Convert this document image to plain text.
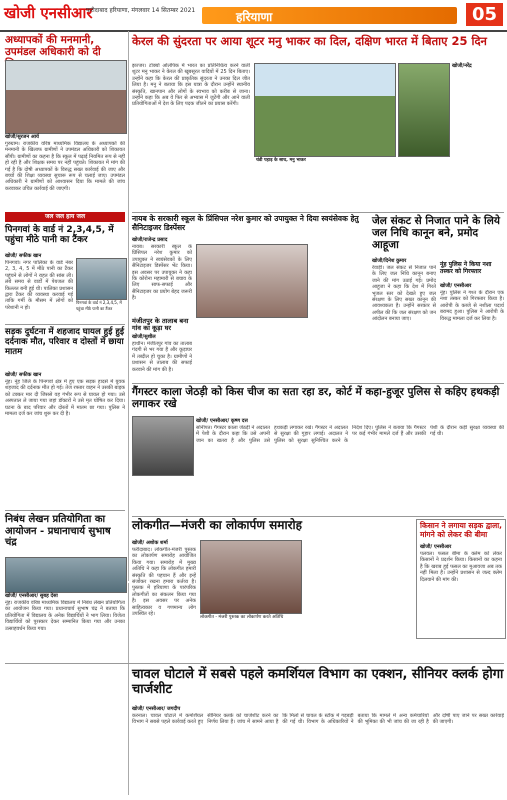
खोजी एनसीआर
फरीदाबाद हरियाणा, मंगलवार 14 सितम्बर 2021	हरियाणा	05
अध्यापकों की मनमानी, उपमंडल अधिकारी को दी
खोजी/सुरजन आर्य
गुरुग्राम। राजकीय वरिष्ठ माध्यमिक विद्यालय के अध्यापकों की मनमानी के खिलाफ ग्रामीणों ने उपमंडल अधिकारी को शिकायत सौंपी। ग्रामीणों का कहना है कि स्कूल में पढ़ाई नियमित रूप से नहीं हो रही है और शिक्षक समय पर नहीं पहुंचते। शिकायत में मांग की गई है कि दोषी अध्यापकों के विरुद्ध सख्त कार्रवाई की जाए और बच्चों की शिक्षा व्यवस्था सुचारू रूप से चलाई जाए। उपमंडल अधिकारी ने ग्रामीणों को आश्वासन दिया कि मामले की जांच करवाकर उचित कार्रवाई की जाएगी।
जल जल हाय जल
पिनगवां के वार्ड नं 2,3,4,5, में पहुंचा मीठे पानी का टैंकर
खोजी/ सफीक खान
पिनगवां। नगर पालिका के वार्ड नंबर 2, 3, 4, 5 में मीठे पानी का टैंकर पहुंचने से लोगों ने राहत की सांस ली। लंबे समय से वार्डों में पेयजल की किल्लत बनी हुई थी। पालिका प्रशासन द्वारा टैंकर की व्यवस्था करवाई गई ताकि गर्मी के मौसम में लोगों को परेशानी न हो।
पिनगवां के वार्ड नं 2,3,4,5, में पहुंचा मीठे पानी का टैंकर
सड़क दुर्घटना में शहजाद घायल हुई हुई दर्दनाक मौत, परिवार व दोस्तों में छाया मातम
खोजी/ सफीक खान
नूंह। नूंह जिले के पिनगवां क्षेत्र में हुए एक सड़क हादसे में युवक शहजाद की दर्दनाक मौत हो गई। तेज रफ्तार वाहन ने उसकी बाइक को टक्कर मार दी जिससे वह गंभीर रूप से घायल हो गया। उसे अस्पताल ले जाया गया जहां डॉक्टरों ने उसे मृत घोषित कर दिया। घटना के बाद परिवार और दोस्तों में मातम छा गया। पुलिस ने मामला दर्ज कर जांच शुरू कर दी है।
निबंध लेखन प्रतियोगिता का आयोजन - प्रधानाचार्य सुभाष चंद्र
खोजी/ एनसीआर/ सुबह देसा
नूंह। राजकीय वरिष्ठ माध्यमिक विद्यालय में निबंध लेखन प्रतियोगिता का आयोजन किया गया। प्रधानाचार्य सुभाष चंद्र ने बताया कि प्रतियोगिता में विद्यालय के अनेक विद्यार्थियों ने भाग लिया। विजेता विद्यार्थियों को पुरस्कार देकर सम्मानित किया गया और उनका उत्साहवर्धन किया गया।
केरल की सुंदरता पर आया शूटर मनु भाकर का दिल, दक्षिण भारत में बिताए 25 दिन
झज्जर। टोक्यो ओलंपिक में भारत का प्रतिनिधित्व करने वाली शूटर मनु भाकर ने केरल की खूबसूरत वादियों में 25 दिन बिताए। उन्होंने कहा कि केरल की प्राकृतिक सुंदरता ने उनका दिल जीत लिया है। मनु ने बताया कि इस यात्रा के दौरान उन्होंने स्थानीय संस्कृति, खानपान और लोगों के स्वभाव को करीब से जाना। उन्होंने कहा कि अब वे फिर से अभ्यास में जुटेंगी और आने वाली प्रतियोगिताओं में देश के लिए पदक जीतने का प्रयास करेंगी।
चंडी पहाड़ के साथ, मनु भाकर
खोजी/नरेंद्र
नायब के सरकारी स्कूल के प्रिंसिपल नरेश कुमार को उपायुक्त ने दिया स्वयंसेवक हेतु सैनिटाइजर डिस्पेंसर
खोजी/राजेन्द्र प्रसाद
नायब। सरकारी स्कूल के प्रिंसिपल नरेश कुमार को उपायुक्त ने स्वयंसेवकों के लिए सैनिटाइजर डिस्पेंसर भेंट किया। इस अवसर पर उपायुक्त ने कहा कि कोरोना महामारी से बचाव के लिए साफ-सफाई और सैनिटाइजर का प्रयोग बेहद जरूरी है।
मंजीतपुर के तालाब बना गांव का कूड़ा घर
खोजी/सुशील
हाथीन। मंजीतपुर गांव का तालाब गंदगी से भर गया है और कूड़ाघर में तब्दील हो चुका है। ग्रामीणों ने प्रशासन से तालाब की सफाई करवाने की मांग की है।
जेल संकट से निजात पाने के लिये जल निधि कानून बने, प्रमोद आहूजा
खोजी/दिनेश कुमार
रेवाड़ी। जल संकट से निजात पाने के लिए जल निधि कानून बनाए जाने की मांग उठाई गई। प्रमोद आहूजा ने कहा कि देश में गिरते भूजल स्तर को देखते हुए जल संरक्षण के लिए सख्त कानून की आवश्यकता है। उन्होंने सरकार से अपील की कि जल संरक्षण को जन आंदोलन बनाया जाए।
नूंह पुलिस ने किया नशा तस्कर को गिरफ्तार
खोजी/ एनसीआर
नूंह। पुलिस ने गश्त के दौरान एक नशा तस्कर को गिरफ्तार किया है। आरोपी के कब्जे से नशीला पदार्थ बरामद हुआ। पुलिस ने आरोपी के विरुद्ध मामला दर्ज कर लिया है।
गैंगस्टर काला जेठड़ी को किस चीज का सता रहा डर, कोर्ट में कहा-हुजूर पुलिस से कहिए हथकड़ी लगाकर रखे
खोजी/ एनसीआर/ कृष्ण दत्त
सोनीपत। गैंगस्टर काला जेठड़ी ने अदालत में पेशी के दौरान कहा कि उसे अपनी जान का खतरा है और पुलिस उसे हथकड़ी लगाकर रखे। गैंगस्टर ने अदालत से सुरक्षा की गुहार लगाई। अदालत ने पुलिस को सुरक्षा सुनिश्चित करने के निर्देश दिए। पुलिस ने बताया कि गैंगस्टर पर कई गंभीर मामले दर्ज हैं और उसकी पेशी के दौरान कड़ी सुरक्षा व्यवस्था की गई थी।
लोकगीत—मंजरी का लोकार्पण समारोह
खोजी/ अशोक शर्मा
फरीदाबाद। लोकगीत-मंजरी पुस्तक का लोकार्पण समारोह आयोजित किया गया। समारोह में मुख्य अतिथि ने कहा कि लोकगीत हमारी संस्कृति की पहचान हैं और इन्हें संजोकर रखना हमारा कर्तव्य है। पुस्तक में हरियाणा के पारंपरिक लोकगीतों का संकलन किया गया है। इस अवसर पर अनेक साहित्यकार व गणमान्य लोग उपस्थित रहे।
लोकगीत - मंजरी पुस्तक का लोकार्पण करते अतिथि
किसान ने लगाया सड़क द्वाला, मांगने को लेकर की बीमा
खोजी/ एनसीआर
पलवल। फसल बीमा के क्लेम को लेकर किसानों ने प्रदर्शन किया। किसानों का कहना है कि खराब हुई फसल का मुआवजा अब तक नहीं मिला है। उन्होंने प्रशासन से जल्द क्लेम दिलवाने की मांग की।
चावल घोटाले में सबसे पहले कमर्शियल विभाग का एक्शन, सीनियर क्लर्क होगा चार्जशीट
खोजी/ एनसीआर/ जगदीप
करनाल। चावल घोटाले में कमर्शियल विभाग ने सबसे पहले कार्रवाई करते हुए सीनियर क्लर्क को चार्जशीट करने का निर्णय लिया है। जांच में सामने आया है कि मिलों से चावल के स्टॉक में गड़बड़ी की गई थी। विभाग के अधिकारियों ने बताया कि मामले में अन्य कर्मचारियों की भूमिका की भी जांच की जा रही है और दोषी पाए जाने पर सख्त कार्रवाई की जाएगी।
